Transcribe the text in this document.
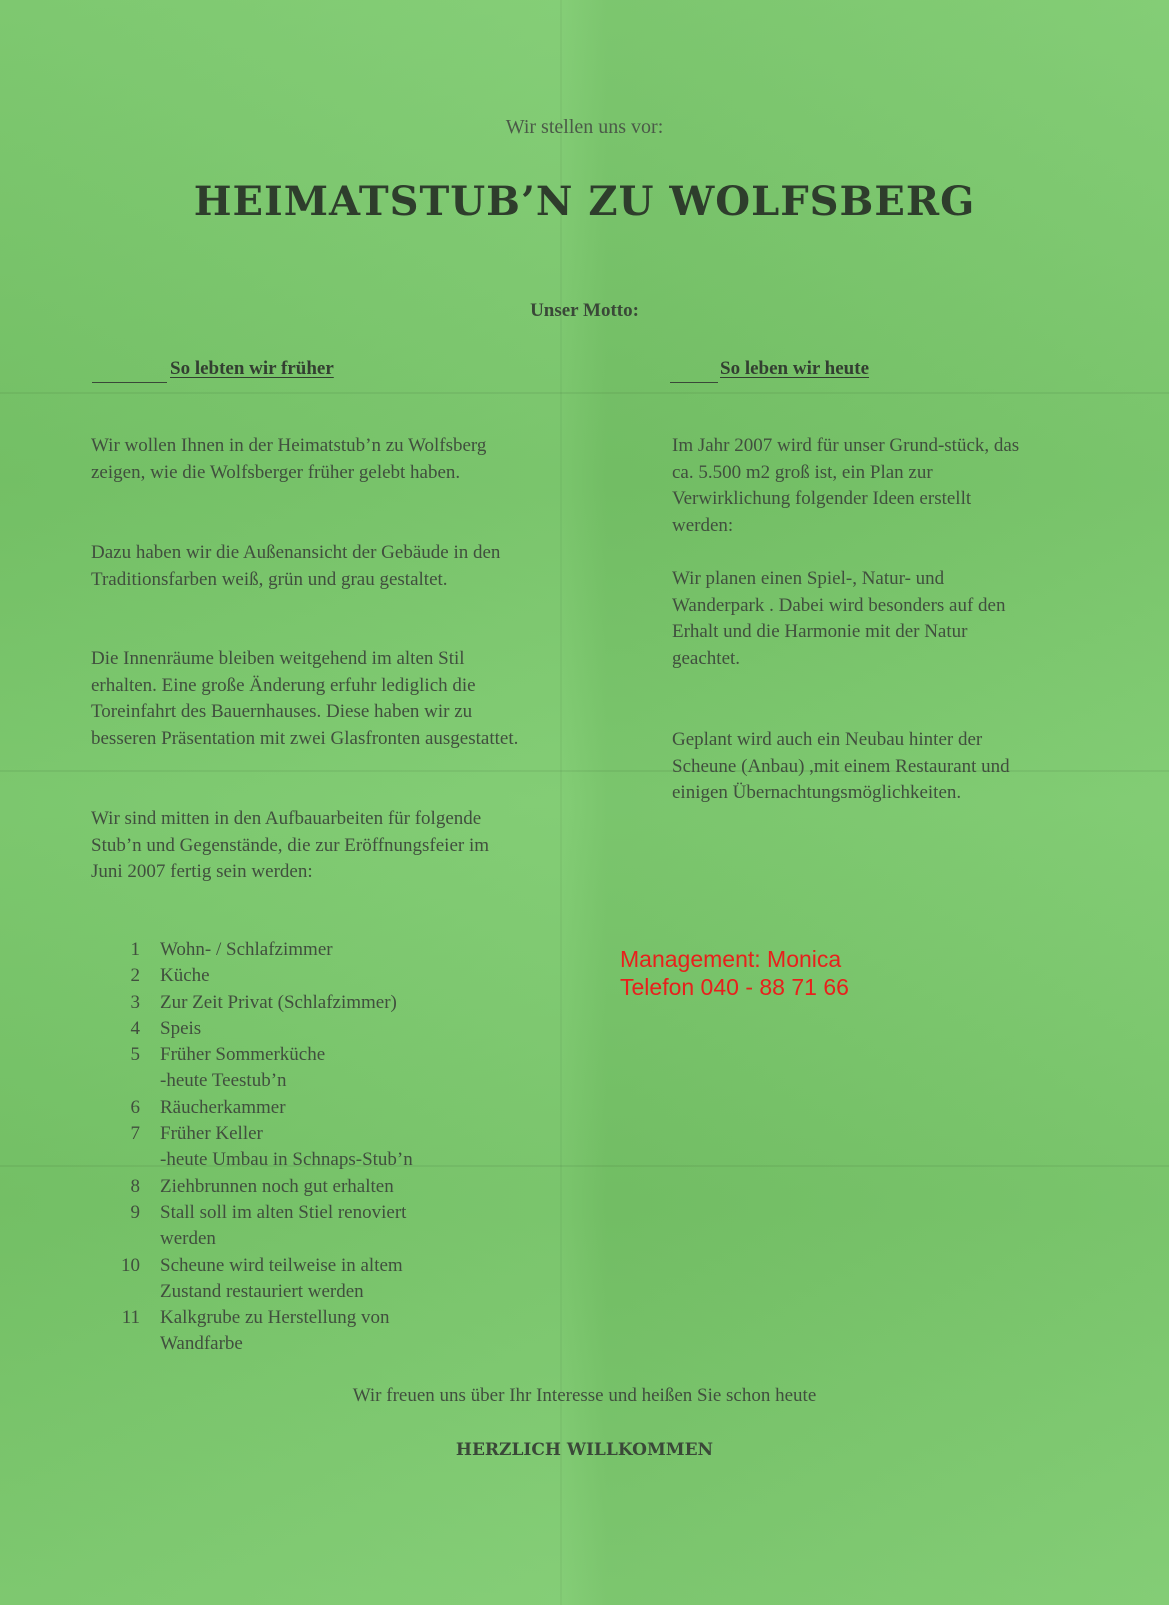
Wir stellen uns vor:
HEIMATSTUB’N ZU WOLFSBERG
Unser Motto:
So lebten wir früher	So leben wir heute
Wir wollen Ihnen in der Heimatstub’n zu Wolfsberg zeigen, wie die Wolfsberger früher gelebt haben.
Dazu haben wir die Außenansicht der Gebäude in den Traditionsfarben weiß, grün und grau gestaltet.
Die Innenräume bleiben weitgehend im alten Stil erhalten. Eine große Änderung erfuhr lediglich die Toreinfahrt des Bauernhauses. Diese haben wir zu besseren Präsentation mit zwei Glasfronten ausgestattet.
Wir sind mitten in den Aufbauarbeiten für folgende Stub’n und Gegenstände, die zur Eröffnungsfeier im Juni 2007 fertig sein werden:
1	Wohn- / Schlafzimmer
2	Küche
3	Zur Zeit Privat (Schlafzimmer)
4	Speis
5	Früher Sommerküche
-heute Teestub’n
6	Räucherkammer
7	Früher Keller
-heute Umbau in Schnaps-Stub’n
8	Ziehbrunnen noch gut erhalten
9	Stall soll im alten Stiel renoviert
werden
10	Scheune wird teilweise in altem
Zustand restauriert werden
11	Kalkgrube zu Herstellung von
Wandfarbe
Im Jahr 2007 wird für unser Grund-stück, das ca. 5.500 m2 groß ist, ein Plan zur Verwirklichung folgender Ideen erstellt werden:
Wir planen einen Spiel-, Natur- und Wanderpark . Dabei wird besonders auf den Erhalt und die Harmonie mit der Natur geachtet.
Geplant wird auch ein Neubau hinter der Scheune (Anbau) ,mit einem Restaurant und einigen Übernachtungsmöglichkeiten.
Management: Monica
Telefon 040 - 88 71 66
Wir freuen uns über Ihr Interesse und heißen Sie schon heute
HERZLICH WILLKOMMEN
